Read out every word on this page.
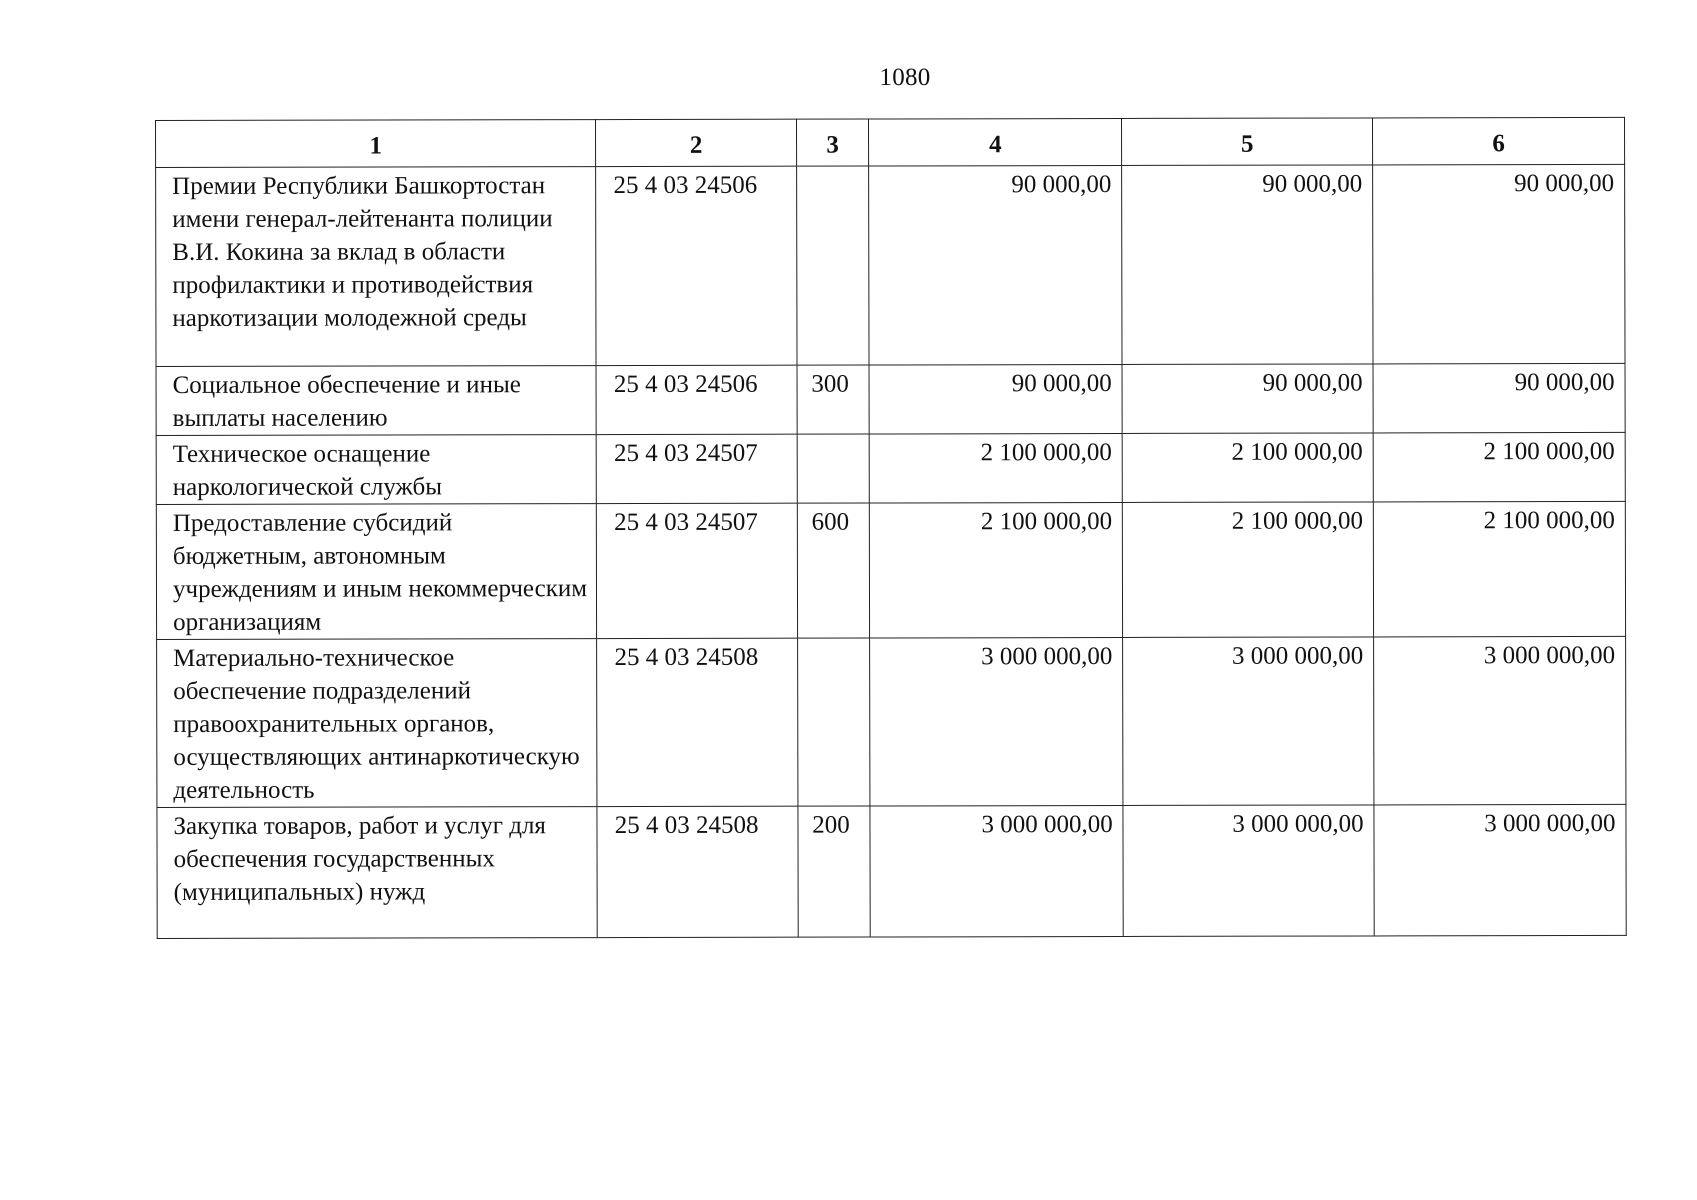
1080
1	2	3	4	5	6
Премии Республики Башкортостан имени генерал-лейтенанта полиции В.И. Кокина за вклад в области профилактики и противодействия наркотизации молодежной среды	25 4 03 24506		90 000,00	90 000,00	90 000,00
Социальное обеспечение и иные выплаты населению	25 4 03 24506	300	90 000,00	90 000,00	90 000,00
Техническое оснащение наркологической службы	25 4 03 24507		2 100 000,00	2 100 000,00	2 100 000,00
Предоставление субсидий бюджетным, автономным учреждениям и иным некоммерческим организациям	25 4 03 24507	600	2 100 000,00	2 100 000,00	2 100 000,00
Материально-техническое обеспечение подразделений правоохранительных органов, осуществляющих антинаркотическую деятельность	25 4 03 24508		3 000 000,00	3 000 000,00	3 000 000,00
Закупка товаров, работ и услуг для обеспечения государственных (муниципальных) нужд	25 4 03 24508	200	3 000 000,00	3 000 000,00	3 000 000,00
